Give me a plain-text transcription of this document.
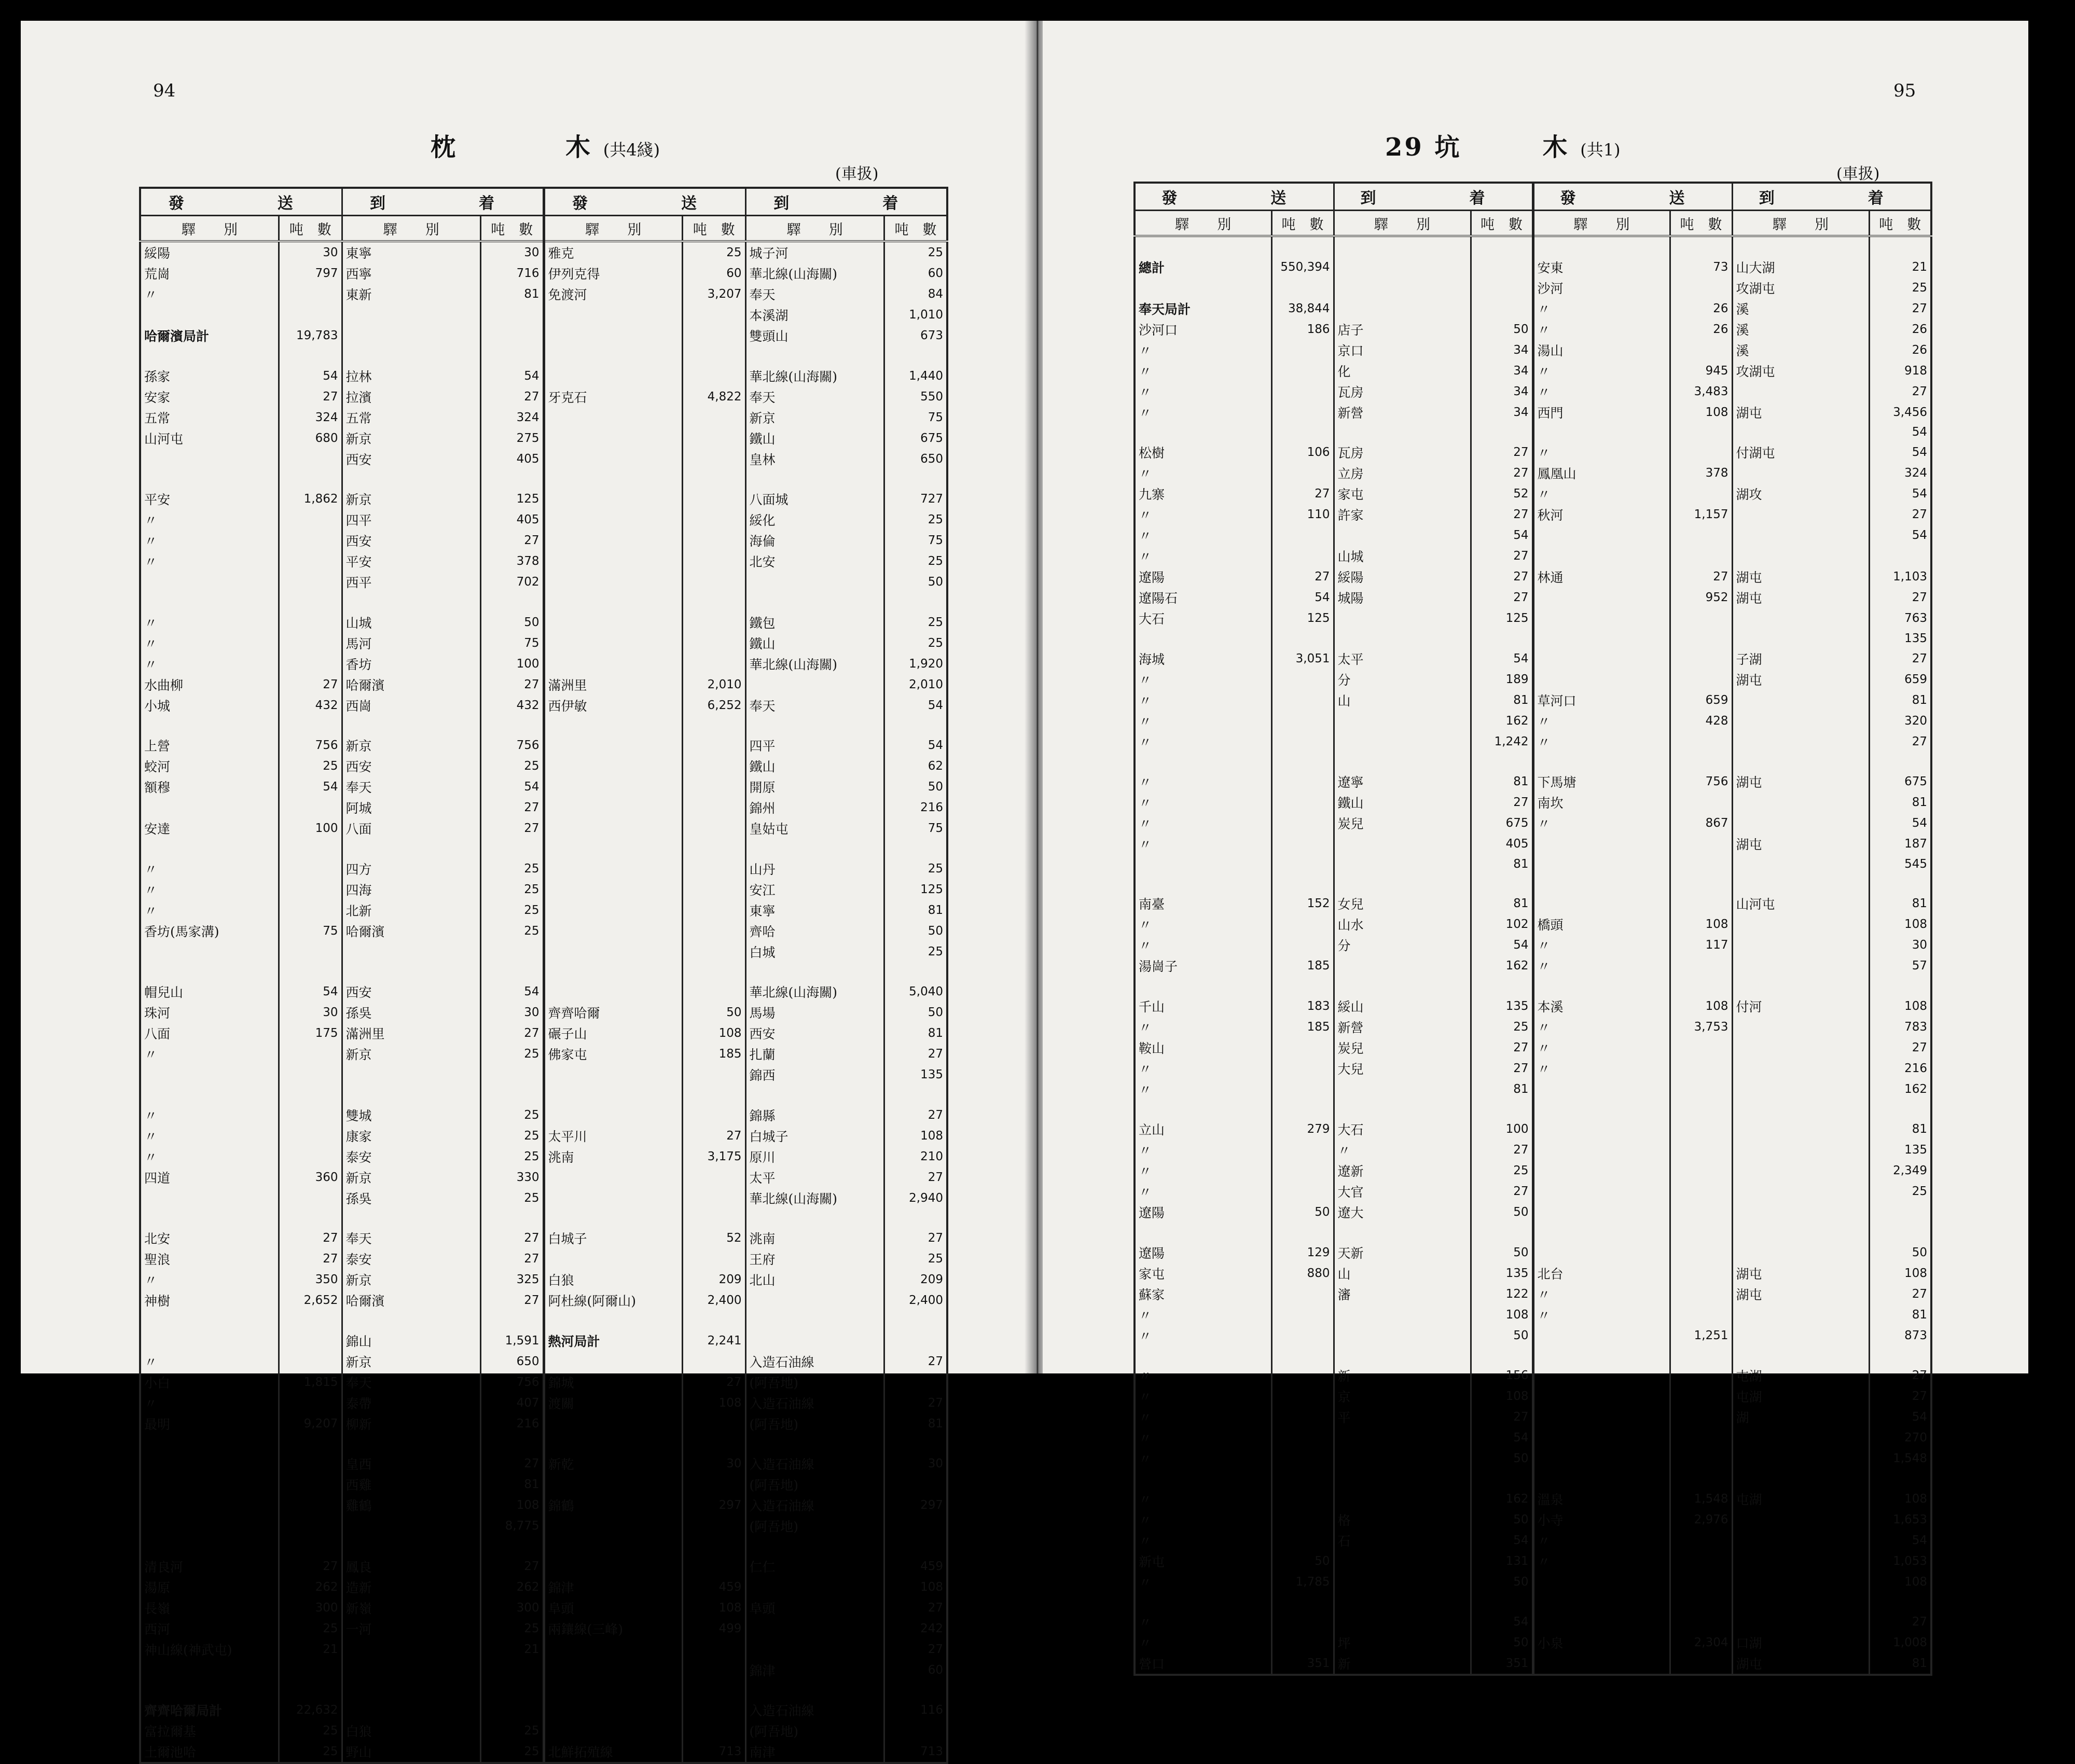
94
枕　　　　木 (共4綫)
(車扱)
發　　送		到　　着		發　　送		到　　着	
驛　　別	吨　數	驛　　別	吨　數	驛　　別	吨　數	驛　　別	吨　數
綏陽	30	東寧	30	雅克	25	城子河	25
荒崗	797	西寧	716	伊列克得	60	華北線(山海關)	60
〃		東新	81	免渡河	3,207	奉天	84
						本溪湖	1,010
哈爾濱局計	19,783					雙頭山	673

孫家	54	拉林	54			華北線(山海關)	1,440
安家	27	拉濱	27	牙克石	4,822	奉天	550
五常	324	五常	324			新京	75
山河屯	680	新京	275			鐵山	675
		西安	405			皇林	650

平安	1,862	新京	125			八面城	727
〃		四平	405			綏化	25
〃		西安	27			海倫	75
〃		平安	378			北安	25
		西平	702				50

〃		山城	50			鐵包	25
〃		馬河	75			鐵山	25
〃		香坊	100			華北線(山海關)	1,920
水曲柳	27	哈爾濱	27	滿洲里	2,010		2,010
小城	432	西崗	432	西伊敏	6,252	奉天	54

上營	756	新京	756			四平	54
蛟河	25	西安	25			鐵山	62
額穆	54	奉天	54			開原	50
		阿城	27			錦州	216
安達	100	八面	27			皇姑屯	75

〃		四方	25			山丹	25
〃		四海	25			安江	125
〃		北新	25			東寧	81
香坊(馬家溝)	75	哈爾濱	25			齊哈	50
						白城	25

帽兒山	54	西安	54			華北線(山海關)	5,040
珠河	30	孫吳	30	齊齊哈爾	50	馬場	50
八面	175	滿洲里	27	碾子山	108	西安	81
〃		新京	25	佛家屯	185	扎蘭	27
						錦西	135

〃		雙城	25			錦縣	27
〃		康家	25	太平川	27	白城子	108
〃		泰安	25	洮南	3,175	原川	210
四道	360	新京	330			太平	27
		孫吳	25			華北線(山海關)	2,940

北安	27	奉天	27	白城子	52	洮南	27
聖浪	27	泰安	27			王府	25
〃	350	新京	325	白狼	209	北山	209
神樹	2,652	哈爾濱	27	阿杜線(阿爾山)	2,400		2,400

		錦山	1,591	熱河局計	2,241		
〃		新京	650			入造石油線	27
小白	1,815	奉天	756	錦城	27	(阿吾地)	
〃		泰帶	407	渡關	108	入造石油線	27
最明	9,207	柳新	216			(阿吾地)	81

		皇西	27	新乾	30	入造石油線	30
		西雞	81			(阿吾地)	
		雞鶴	108	錦鶴	297	入造石油線	297
			8,775			(阿吾地)	

清良河	27	鳳良	27			仁仁	459
湯原	262	造新	262	錦津	459		108
長嶺	300	新嶺	300	阜頭	108	阜頭	27
西河	25	一河	25	兩鑲線(三峰)	499		242
神山線(神武屯)	21		21				27
						錦津	60

齊齊哈爾局計	22,632					入造石油線	116
富拉爾基	25	白狼	25			(阿吾地)	
土爾池哈	25	野山	25	北鮮拓殖線	713	南津	713
95
29 坑　　　木 (共1)
(車扱)
發　　送		到　　着		發　　送		到　　着	
驛　　別	吨　數	驛　　別	吨　數	驛　　別	吨　數	驛　　別	吨　數

總計	550,394			安東	73	山大湖	21
				沙河		攻湖屯	25
奉天局計	38,844			〃	26	溪	27
沙河口	186	店子	50	〃	26	溪	26
〃		京口	34	湯山		溪	26
〃		化	34	〃	945	攻湖屯	918
〃		瓦房	34	〃	3,483		27
〃		新營	34	西門	108	湖屯	3,456
							54
松樹	106	瓦房	27	〃		付湖屯	54
〃		立房	27	鳳凰山	378		324
九寨	27	家屯	52	〃		湖攻	54
〃	110	許家	27	秋河	1,157		27
〃			54				54
〃		山城	27				
遼陽	27	綏陽	27	林通	27	湖屯	1,103
遼陽石	54	城陽	27		952	湖屯	27
大石	125		125				763
							135
海城	3,051	太平	54			子湖	27
〃		分	189			湖屯	659
〃		山	81	草河口	659		81
〃			162	〃	428		320
〃			1,242	〃			27

〃		遼寧	81	下馬塘	756	湖屯	675
〃		鐵山	27	南坎			81
〃		炭兒	675	〃	867		54
〃			405			湖屯	187
			81				545

南臺	152	女兒	81			山河屯	81
〃		山水	102	橋頭	108		108
〃		分	54	〃	117		30
湯崗子	185		162	〃			57

千山	183	綏山	135	本溪	108	付河	108
〃	185	新營	25	〃	3,753		783
鞍山		炭兒	27	〃			27
〃		大兒	27	〃			216
〃			81				162

立山	279	大石	100				81
〃		〃	27				135
〃		遼新	25				2,349
〃		大官	27				25
遼陽	50	遼大	50				

遼陽	129	天新	50				50
家屯	880	山	135	北台		湖屯	108
蘇家		瀋	122	〃		湖屯	27
〃			108	〃			81
〃			50		1,251		873

〃		新	156			屯湖	27
〃		京	108			屯湖	27
〃		平	27			湖	54
〃			54				270
〃			50				1,548

〃			162	溫泉	1,548	屯湖	108
〃		格	50	小寺	2,976		1,653
〃		石	54	〃			54
新屯	50		131	〃			1,053
〃	1,785		50				108

〃			54				27
〃		坪	50	小泉	2,304	口湖	1,008
營口	351	新	351			湖屯	81
